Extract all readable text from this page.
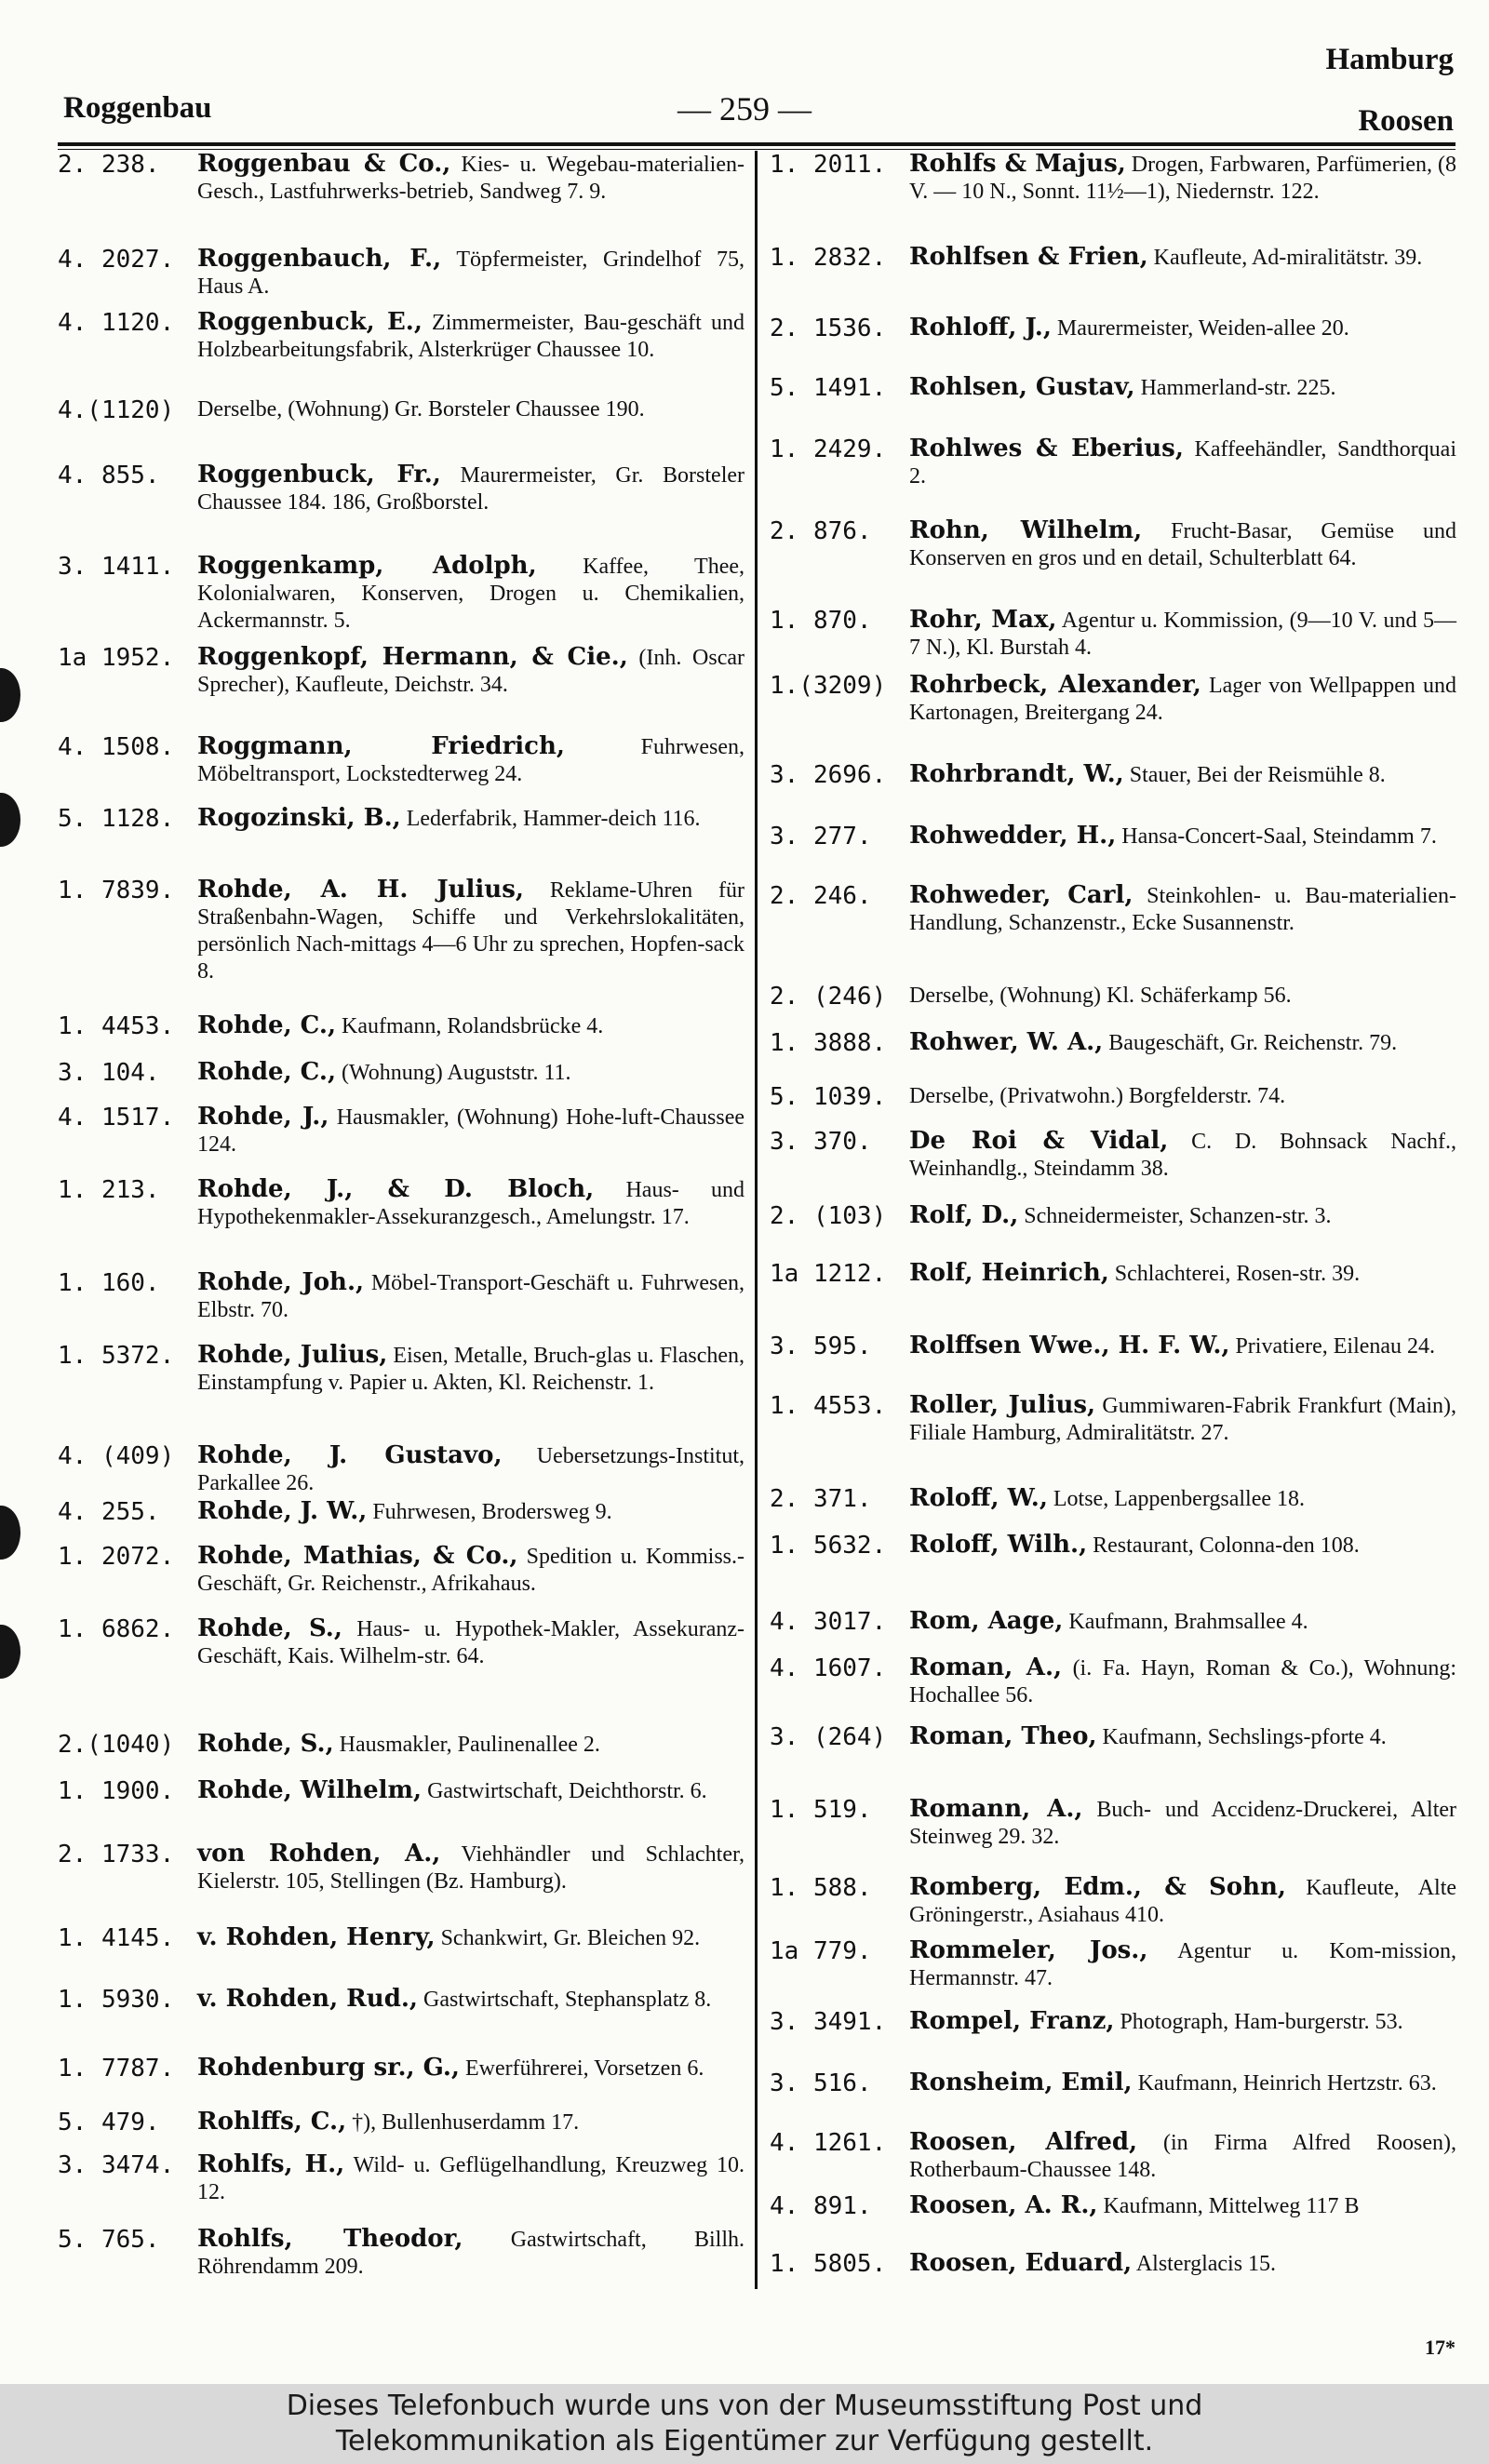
Hamburg
Roggenbau	— 259 —	Roosen
2. 238.	Roggenbau & Co., Kies- u. Wegebau-materialien-Gesch., Lastfuhrwerks-betrieb, Sandweg 7. 9.
4. 2027. Roggenbauch, F., Töpfermeister, Grindelhof 75, Haus A.
4. 1120. Roggenbuck, E., Zimmermeister, Bau-geschäft und Holzbearbeitungsfabrik, Alsterkrüger Chaussee 10.
4.(1120)	Derselbe, (Wohnung) Gr. Borsteler Chaussee 190.
4. 855.	Roggenbuck, Fr., Maurermeister, Gr. Borsteler Chaussee 184. 186, Großborstel.
3. 1411. Roggenkamp, Adolph, Kaffee, Thee, Kolonialwaren, Konserven, Drogen u. Chemikalien, Ackermannstr. 5.
1a 1952. Roggenkopf, Hermann, & Cie., (Inh. Oscar Sprecher), Kaufleute, Deichstr. 34.
4. 1508. Roggmann, Friedrich,	Fuhrwesen, Möbeltransport, Lockstedterweg 24.
5. 1128. Rogozinski, B., Lederfabrik, Hammer-deich 116.
1. 7839. Rohde, A. H. Julius, Reklame-Uhren für Straßenbahn-Wagen, Schiffe und Verkehrslokalitäten, persönlich Nach-mittags 4—6 Uhr zu sprechen, Hopfen-sack 8.
1. 4453. Rohde, C., Kaufmann, Rolandsbrücke 4.
3. 104.	Rohde, C., (Wohnung) Auguststr. 11.
4. 1517. Rohde, J., Hausmakler, (Wohnung) Hohe-luft-Chaussee 124.
1. 213.	Rohde, J., & D. Bloch, Haus- und Hypothekenmakler-Assekuranzgesch., Amelungstr. 17.
1. 160.	Rohde, Joh., Möbel-Transport-Geschäft u. Fuhrwesen, Elbstr. 70.
1. 5372. Rohde, Julius, Eisen, Metalle, Bruch-glas u. Flaschen, Einstampfung v. Papier u. Akten, Kl. Reichenstr. 1.
4. (409) Rohde, J. Gustavo, Uebersetzungs-Institut, Parkallee 26.
4. 255.	Rohde, J. W., Fuhrwesen, Brodersweg 9.
1. 2072. Rohde, Mathias, & Co., Spedition u. Kommiss.-Geschäft, Gr. Reichenstr., Afrikahaus.
1. 6862. Rohde, S., Haus- u. Hypothek-Makler, Assekuranz-Geschäft, Kais. Wilhelm-str. 64.
2.(1040) Rohde, S., Hausmakler, Paulinenallee 2.
1. 1900. Rohde, Wilhelm, Gastwirtschaft, Deichthorstr. 6.
2. 1733. von Rohden, A., Viehhändler und Schlachter, Kielerstr. 105, Stellingen (Bz. Hamburg).
1. 4145. v. Rohden, Henry, Schankwirt, Gr. Bleichen 92.
1. 5930. v. Rohden, Rud., Gastwirtschaft, Stephansplatz 8.
1. 7787. Rohdenburg sr., G., Ewerführerei, Vorsetzen 6.
5. 479.	Rohlffs, C., †), Bullenhuserdamm 17.
3. 3474. Rohlfs, H., Wild- u. Geflügelhandlung, Kreuzweg 10. 12.
5. 765.	Rohlfs, Theodor, Gastwirtschaft, Billh. Röhrendamm 209.
1. 2011. Rohlfs & Majus, Drogen, Farbwaren, Parfümerien, (8 V. — 10 N., Sonnt. 11½—1), Niedernstr. 122.
1. 2832. Rohlfsen & Frien, Kaufleute, Ad-miralitätstr. 39.
2. 1536. Rohloff, J., Maurermeister, Weiden-allee 20.
5. 1491. Rohlsen, Gustav, Hammerland-str. 225.
1. 2429. Rohlwes & Eberius, Kaffeehändler, Sandthorquai 2.
2. 876.	Rohn, Wilhelm, Frucht-Basar, Gemüse und Konserven en gros und en detail, Schulterblatt 64.
1. 870.	Rohr, Max, Agentur u. Kommission, (9—10 V. und 5—7 N.), Kl. Burstah 4.
1.(3209) Rohrbeck, Alexander, Lager von Wellpappen und Kartonagen, Breitergang 24.
3. 2696. Rohrbrandt, W., Stauer, Bei der Reismühle 8.
3. 277.	Rohwedder, H., Hansa-Concert-Saal, Steindamm 7.
2. 246.	Rohweder, Carl, Steinkohlen- u. Bau-materialien-Handlung, Schanzenstr., Ecke Susannenstr.
2. (246)	Derselbe, (Wohnung) Kl. Schäferkamp 56.
1. 3888. Rohwer, W. A., Baugeschäft, Gr. Reichenstr. 79.
5. 1039.	Derselbe, (Privatwohn.) Borgfelderstr. 74.
3. 370.	De Roi & Vidal, C. D. Bohnsack Nachf., Weinhandlg., Steindamm 38.
2. (103) Rolf, D., Schneidermeister, Schanzen-str. 3.
1a 1212. Rolf, Heinrich, Schlachterei, Rosen-str. 39.
3. 595.	Rolffsen Wwe., H. F. W., Privatiere, Eilenau 24.
1. 4553. Roller, Julius, Gummiwaren-Fabrik Frankfurt (Main), Filiale Hamburg, Admiralitätstr. 27.
2. 371.	Roloff, W., Lotse, Lappenbergsallee 18.
1. 5632. Roloff, Wilh., Restaurant, Colonna-den 108.
4. 3017. Rom, Aage, Kaufmann, Brahmsallee 4.
4. 1607. Roman, A., (i. Fa. Hayn, Roman & Co.), Wohnung: Hochallee 56.
3. (264) Roman, Theo, Kaufmann, Sechslings-pforte 4.
1. 519.	Romann, A., Buch- und Accidenz-Druckerei, Alter Steinweg 29. 32.
1. 588.	Romberg, Edm., & Sohn, Kaufleute, Alte Gröningerstr., Asiahaus 410.
1a 779.	Rommeler, Jos., Agentur u. Kom-mission, Hermannstr. 47.
3. 3491. Rompel, Franz, Photograph, Ham-burgerstr. 53.
3. 516.	Ronsheim, Emil, Kaufmann, Heinrich Hertzstr. 63.
4. 1261. Roosen, Alfred, (in Firma Alfred Roosen), Rotherbaum-Chaussee 148.
4. 891.	Roosen, A. R., Kaufmann, Mittelweg 117 B
1. 5805. Roosen, Eduard, Alsterglacis 15.
17*
Dieses Telefonbuch wurde uns von der Museumsstiftung Post und
Telekommunikation als Eigentümer zur Verfügung gestellt.
